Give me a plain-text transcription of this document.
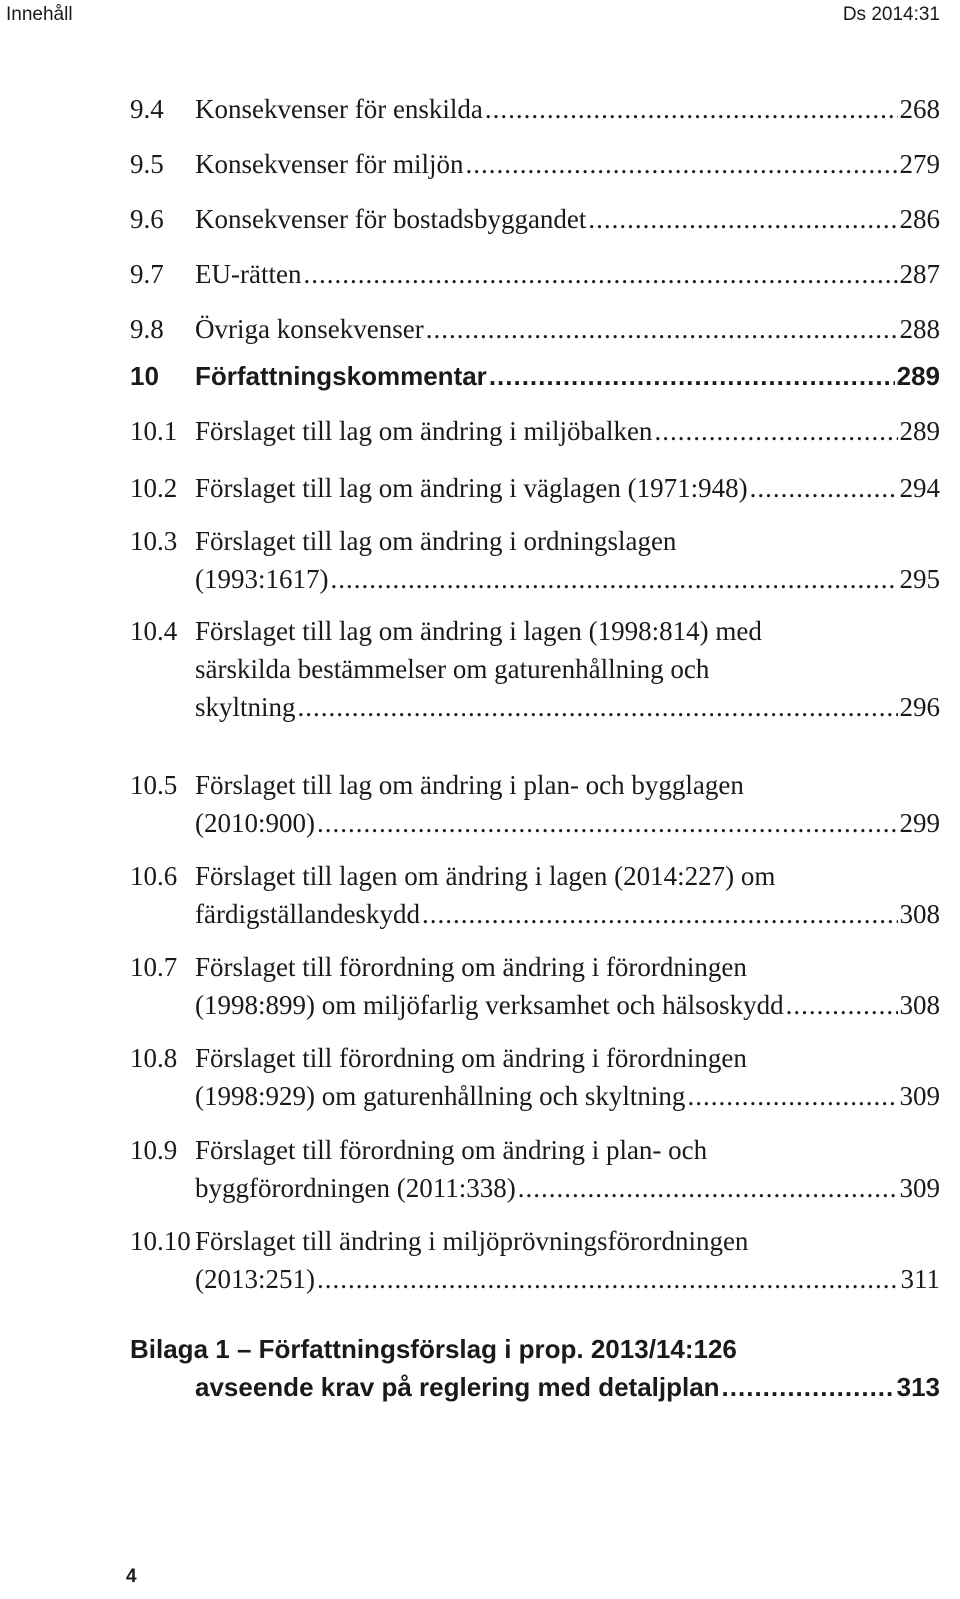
Innehåll	Ds 2014:31
9.4 Konsekvenser för enskilda .....	268
9.5 Konsekvenser för miljön .....	279
9.6 Konsekvenser för bostadsbyggandet .....	286
9.7 EU-rätten .....	287
9.8 Övriga konsekvenser .....	288
10 Författningskommentar .....	289
10.1 Förslaget till lag om ändring i miljöbalken .....	289
10.2 Förslaget till lag om ändring i väglagen (1971:948) .....	294
10.3 Förslaget till lag om ändring i ordningslagen
(1993:1617) .....	295
10.4 Förslaget till lag om ändring i lagen (1998:814) med
särskilda bestämmelser om gaturenhållning och
skyltning .....	296
10.5 Förslaget till lag om ändring i plan- och bygglagen
(2010:900) .....	299
10.6 Förslaget till lagen om ändring i lagen (2014:227) om
färdigställandeskydd .....	308
10.7 Förslaget till förordning om ändring i förordningen
(1998:899) om miljöfarlig verksamhet och hälsoskydd .....	308
10.8 Förslaget till förordning om ändring i förordningen
(1998:929) om gaturenhållning och skyltning .....	309
10.9 Förslaget till förordning om ändring i plan- och
byggförordningen (2011:338) .....	309
10.10 Förslaget till ändring i miljöprövningsförordningen
(2013:251) .....	311
Bilaga 1 – Författningsförslag i prop. 2013/14:126
avseende krav på reglering med detaljplan .....	313
4
